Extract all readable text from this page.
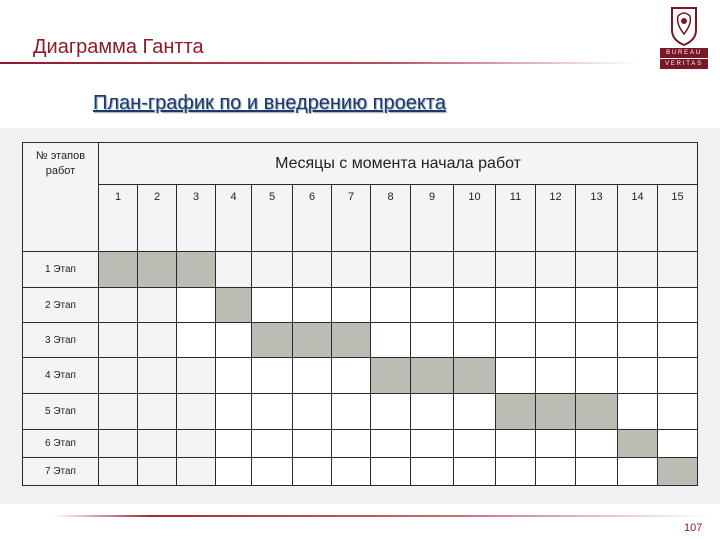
Диаграмма Гантта	BUREAU
VERITAS
План-график по и внедрению проекта
№ этапов работ	Месяцы с момента начала работ														
	1	2	3	4	5	6	7	8	9	10	11	12	13	14	15
1 Этап															
2 Этап															
3 Этап															
4 Этап															
5 Этап															
6 Этап															
7 Этап															
107
